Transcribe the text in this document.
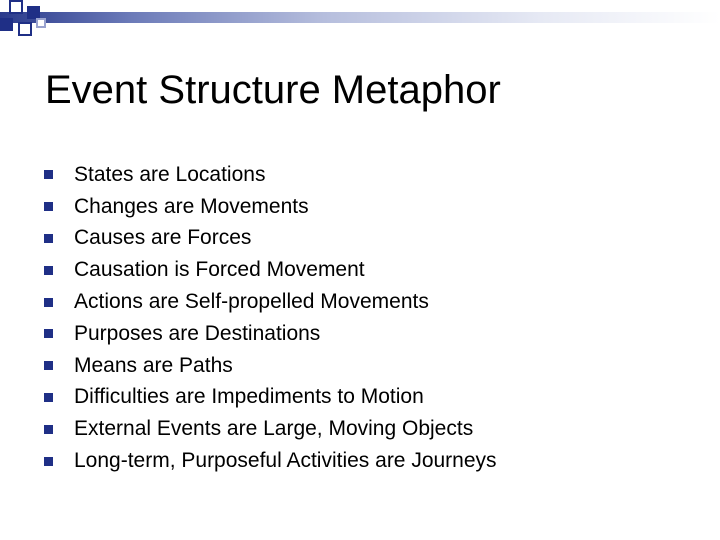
Event Structure Metaphor
States are Locations
Changes are Movements
Causes are Forces
Causation is Forced Movement
Actions are Self-propelled Movements
Purposes are Destinations
Means are Paths
Difficulties are Impediments to Motion
External Events are Large, Moving Objects
Long-term, Purposeful Activities are Journeys
